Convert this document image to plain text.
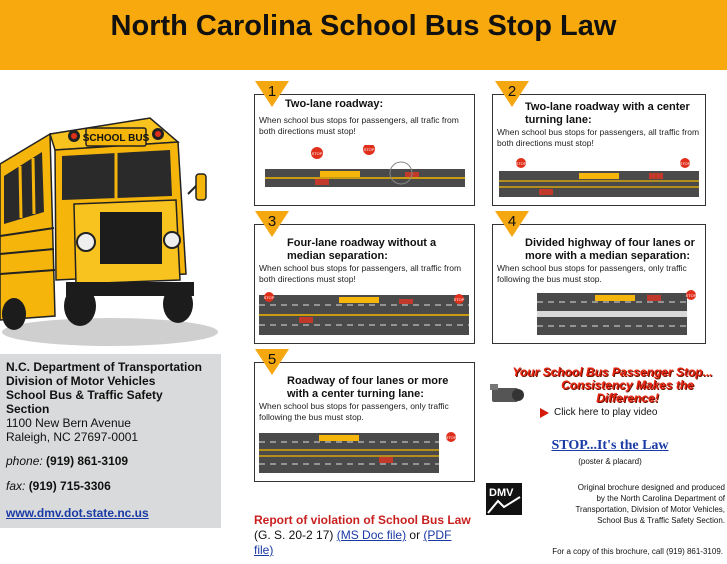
North Carolina School Bus Stop Law
SCHOOL BUS
N.C. Department of Transportation
Division of Motor Vehicles
School Bus & Traffic Safety
Section
1100 New Bern Avenue
Raleigh, NC 27697-0001
phone: (919) 861-3109
fax: (919) 715-3306
www.dmv.dot.state.nc.us
1
Two-lane roadway:
When school bus stops for passengers, all trafic from both directions must stop!
STOP
STOP
2
Two-lane roadway with a center turning lane:
When school bus stops for passengers, all traffic from both directions must stop!
STOP	STOP
3
Four-lane roadway without a median separation:
When school bus stops for passengers, all traffic from both directions must stop!
STOP	STOP
4
Divided highway of four lanes or more with a median separation:
When school bus stops for passengers, only traffic following the bus must stop.
STOP
5
Roadway of four lanes or more with a center turning lane:
When school bus stops for passengers, only traffic following the bus must stop.
STOP
Your School Bus Passenger Stop...
Consistency Makes the
Difference!
Click here to play video
STOP...It's the Law
(poster & placard)
DMV	Original brochure designed and produced
by the North Carolina Department of
Transportation, Division of Motor Vehicles,
School Bus & Traffic Safety Section.
For a copy of this brochure, call (919) 861-3109.
Report of violation of School Bus Law (G. S. 20-2 17) (MS Doc file) or (PDF file)
